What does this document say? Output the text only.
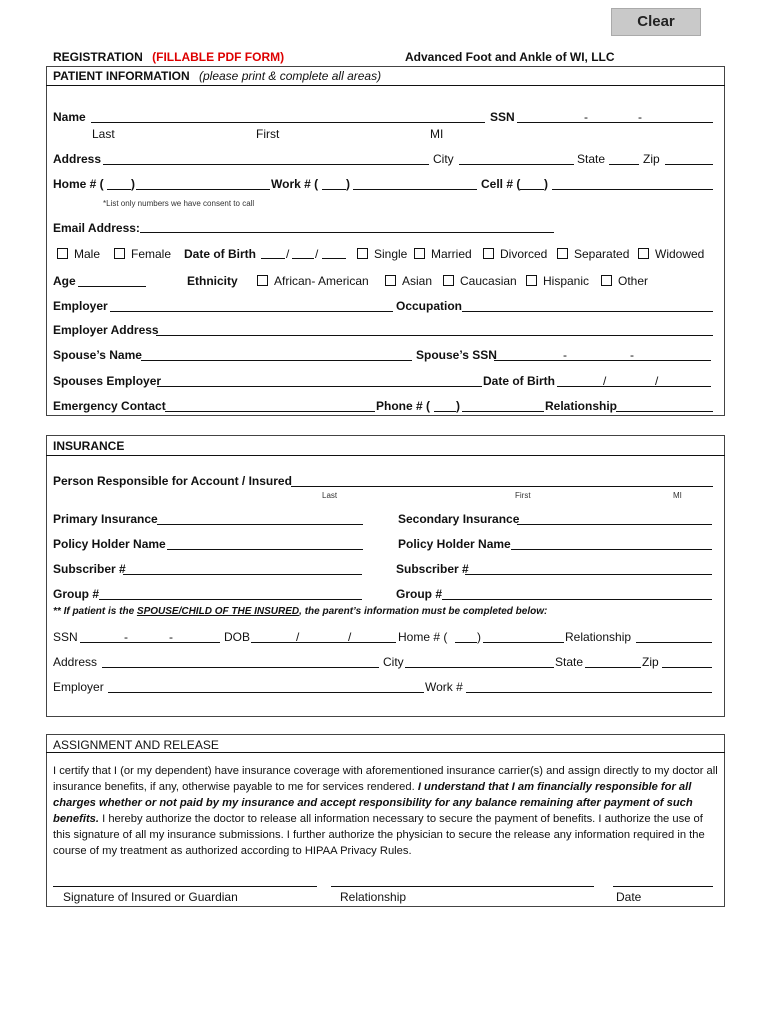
Clear
REGISTRATION (FILLABLE PDF FORM)	Advanced Foot and Ankle of WI, LLC
PATIENT INFORMATION (please print & complete all areas)
Name	SSN	-	-
Last	First	MI
Address	City	State	Zip
Home # ( )	Work # ( )	Cell # ( )
*List only numbers we have consent to call
Email Address:
Male	Female Date of Birth	/ /	Single	Married	Divorced	Separated	Widowed
Age	Ethnicity	African- American	Asian	Caucasian	Hispanic	Other
Employer	Occupation
Employer Address
Spouse’s Name	Spouse’s SSN	-	-
Spouses Employer	Date of Birth	/	/
Emergency Contact	Phone # ( )	Relationship
INSURANCE
Person Responsible for Account / Insured
Last	First	MI
Primary Insurance	Secondary Insurance
Policy Holder Name	Policy Holder Name
Subscriber #	Subscriber #
Group #	Group #
** If patient is the SPOUSE/CHILD OF THE INSURED, the parent’s information must be completed below:
SSN	-	-	DOB	/	/	Home # ( )	Relationship
Address	City	State	Zip
Employer	Work #
ASSIGNMENT AND RELEASE
I certify that I (or my dependent) have insurance coverage with aforementioned insurance carrier(s) and assign directly to my doctor all insurance benefits, if any, otherwise payable to me for services rendered. I understand that I am financially responsible for all charges whether or not paid by my insurance and accept responsibility for any balance remaining after payment of such benefits. I hereby authorize the doctor to release all information necessary to secure the payment of benefits. I authorize the use of this signature of all my insurance submissions. I further authorize the physician to secure the release any information required in the course of my treatment as authorized according to HIPAA Privacy Rules.
Signature of Insured or Guardian	Relationship	Date
